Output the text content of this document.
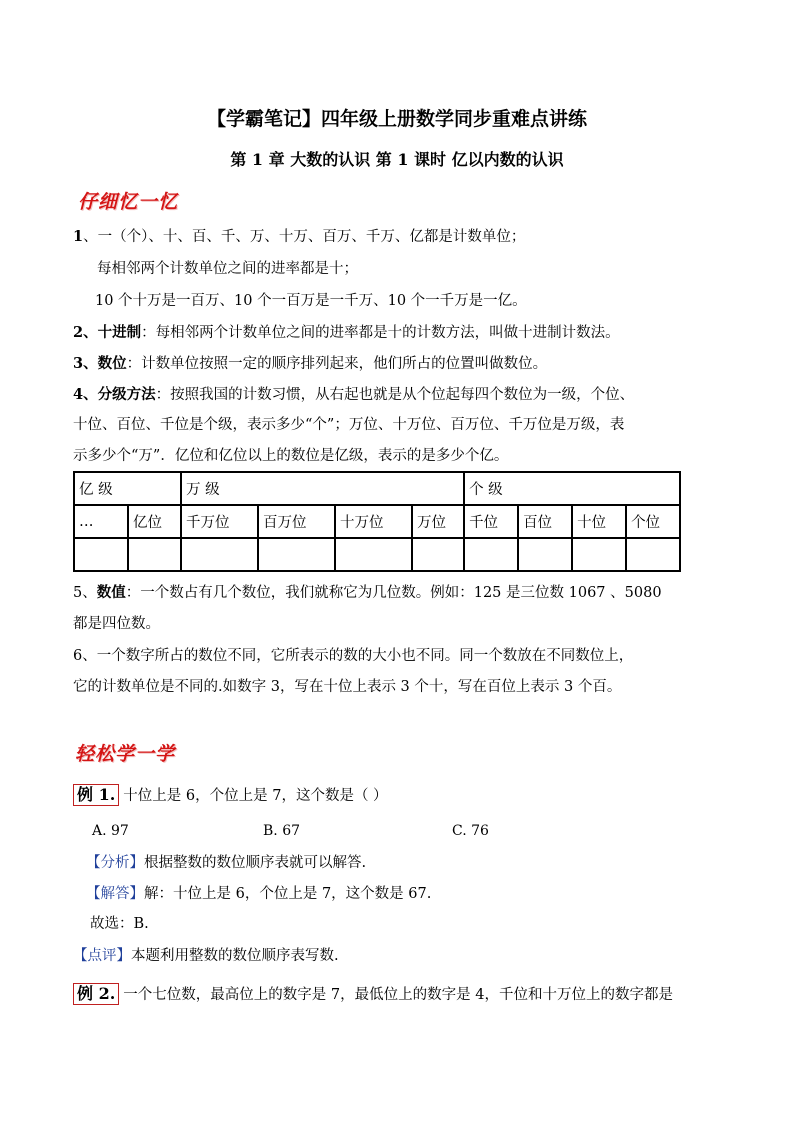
【学霸笔记】四年级上册数学同步重难点讲练
第 1 章 大数的认识 第 1 课时 亿以内数的认识
仔细忆一忆
1、一（个）、十、百、千、万、十万、百万、千万、亿都是计数单位；
每相邻两个计数单位之间的进率都是十；
10 个十万是一百万、10 个一百万是一千万、10 个一千万是一亿。
2、十进制：每相邻两个计数单位之间的进率都是十的计数方法，叫做十进制计数法。
3、数位：计数单位按照一定的顺序排列起来，他们所占的位置叫做数位。
4、分级方法：按照我国的计数习惯，从右起也就是从个位起每四个数位为一级，个位、
十位、百位、千位是个级，表示多少“个”；万位、十万位、百万位、千万位是万级，表
示多少个“万”．亿位和亿位以上的数位是亿级，表示的是多少个亿。
亿 级		万 级				个 级			
…	亿位	千万位	百万位	十万位	万位	千位	百位	十位	个位

5、数值：一个数占有几个数位，我们就称它为几位数。例如：125 是三位数 1067 、5080
都是四位数。
6、一个数字所占的数位不同，它所表示的数的大小也不同。同一个数放在不同数位上，
它的计数单位是不同的.如数字 3，写在十位上表示 3 个十，写在百位上表示 3 个百。
轻松学一学
例 1. 十位上是 6，个位上是 7，这个数是（ ）
A. 97	B. 67	C. 76
【分析】根据整数的数位顺序表就可以解答.
【解答】解：十位上是 6，个位上是 7，这个数是 67.
故选：B.
【点评】本题利用整数的数位顺序表写数.
例 2. 一个七位数，最高位上的数字是 7，最低位上的数字是 4，千位和十万位上的数字都是
